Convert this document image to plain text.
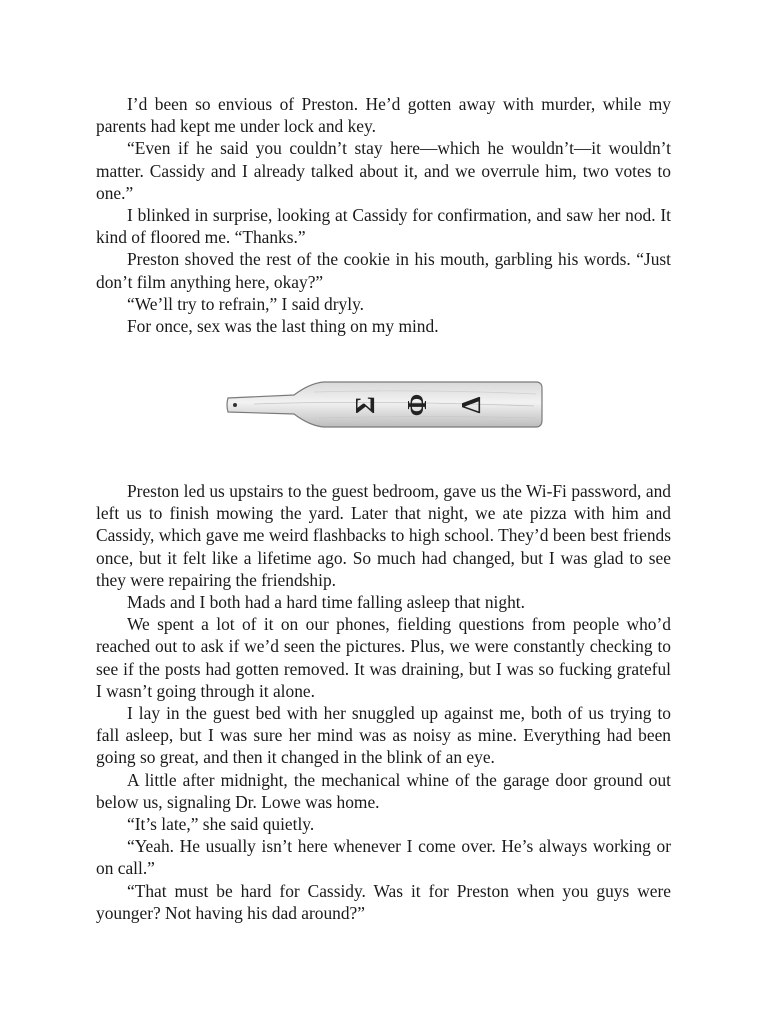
I’d been so envious of Preston. He’d gotten away with murder, while my parents had kept me under lock and key.

“Even if he said you couldn’t stay here—which he wouldn’t—it wouldn’t matter. Cassidy and I already talked about it, and we overrule him, two votes to one.”

I blinked in surprise, looking at Cassidy for confirmation, and saw her nod. It kind of floored me. “Thanks.”

Preston shoved the rest of the cookie in his mouth, garbling his words. “Just don’t film anything here, okay?”

“We’ll try to refrain,” I said dryly.

For once, sex was the last thing on my mind.

Σ Φ Δ

Preston led us upstairs to the guest bedroom, gave us the Wi-Fi password, and left us to finish mowing the yard. Later that night, we ate pizza with him and Cassidy, which gave me weird flashbacks to high school. They’d been best friends once, but it felt like a lifetime ago. So much had changed, but I was glad to see they were repairing the friendship.

Mads and I both had a hard time falling asleep that night.

We spent a lot of it on our phones, fielding questions from people who’d reached out to ask if we’d seen the pictures. Plus, we were constantly checking to see if the posts had gotten removed. It was draining, but I was so fucking grateful I wasn’t going through it alone.

I lay in the guest bed with her snuggled up against me, both of us trying to fall asleep, but I was sure her mind was as noisy as mine. Everything had been going so great, and then it changed in the blink of an eye.

A little after midnight, the mechanical whine of the garage door ground out below us, signaling Dr. Lowe was home.

“It’s late,” she said quietly.

“Yeah. He usually isn’t here whenever I come over. He’s always working or on call.”

“That must be hard for Cassidy. Was it for Preston when you guys were younger? Not having his dad around?”
